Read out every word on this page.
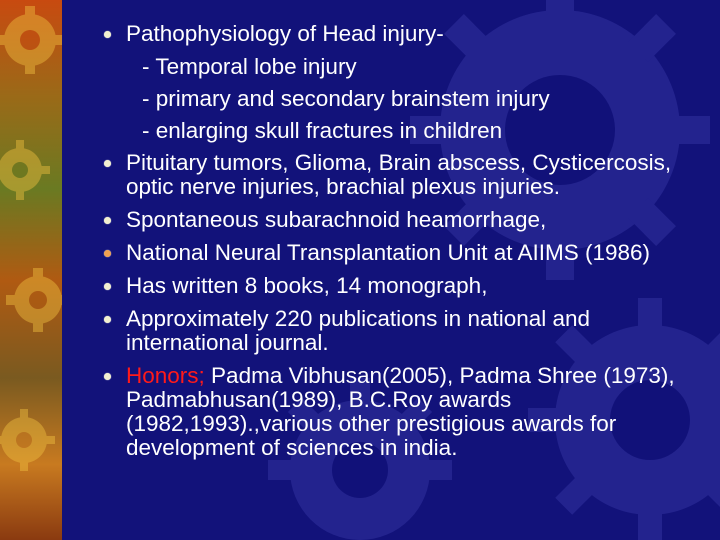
Pathophysiology of Head injury-
- Temporal lobe injury
- primary and secondary brainstem injury
- enlarging skull fractures in children
Pituitary tumors, Glioma, Brain abscess, Cysticercosis, optic nerve injuries, brachial plexus injuries.
Spontaneous subarachnoid heamorrhage,
National Neural Transplantation Unit at AIIMS (1986)
Has written 8 books, 14 monograph,
Approximately 220 publications in national and international journal.
Honors; Padma Vibhusan(2005), Padma Shree (1973), Padmabhusan(1989), B.C.Roy awards (1982,1993).,various other prestigious awards for development of sciences in india.
